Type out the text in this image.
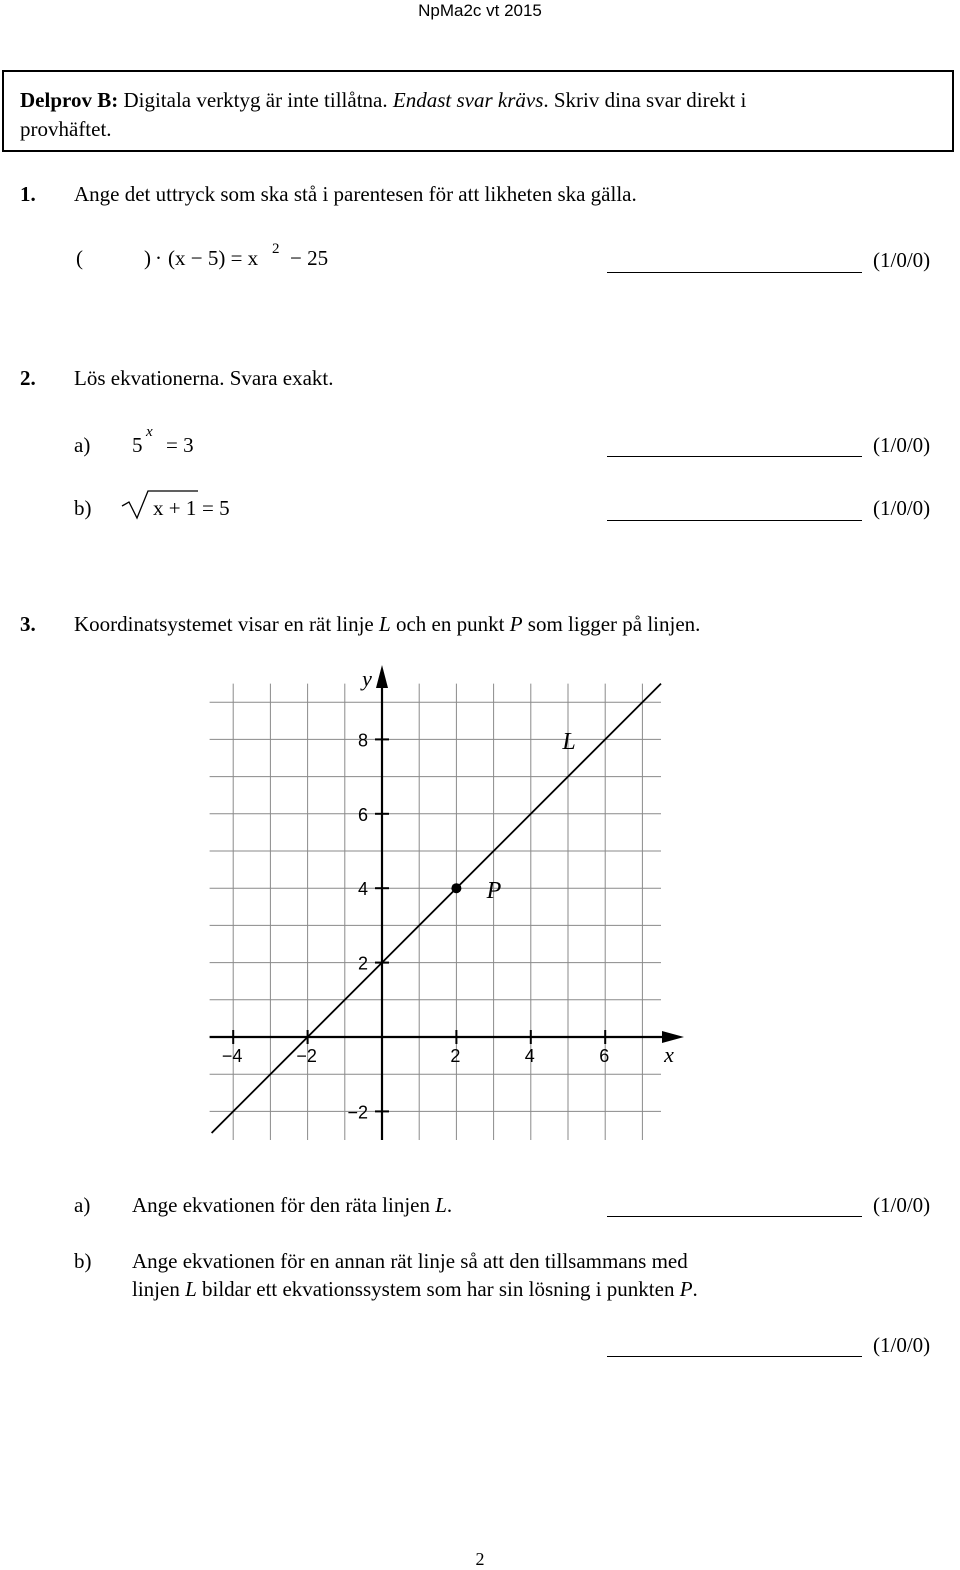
NpMa2c vt 2015
Delprov B: Digitala verktyg är inte tillåtna. Endast svar krävs. Skriv dina svar direkt i
provhäftet.
1. Ange det uttryck som ska stå i parentesen för att likheten ska gälla.
(	) · (x − 5) = x 2 − 25	(1/0/0)
2. Lös ekvationerna. Svara exakt.
a) 5
x
= 3	(1/0/0)
b)	x + 1 = 5	(1/0/0)
3. Koordinatsystemet visar en rät linje L och en punkt P som ligger på linjen.
−4	−2	2	4	6
8
6
4
2
−2
x
y
L
P
a) Ange ekvationen för den räta linjen L.	(1/0/0)
b) Ange ekvationen för en annan rät linje så att den tillsammans med
linjen L bildar ett ekvationssystem som har sin lösning i punkten P.
(1/0/0)
2
